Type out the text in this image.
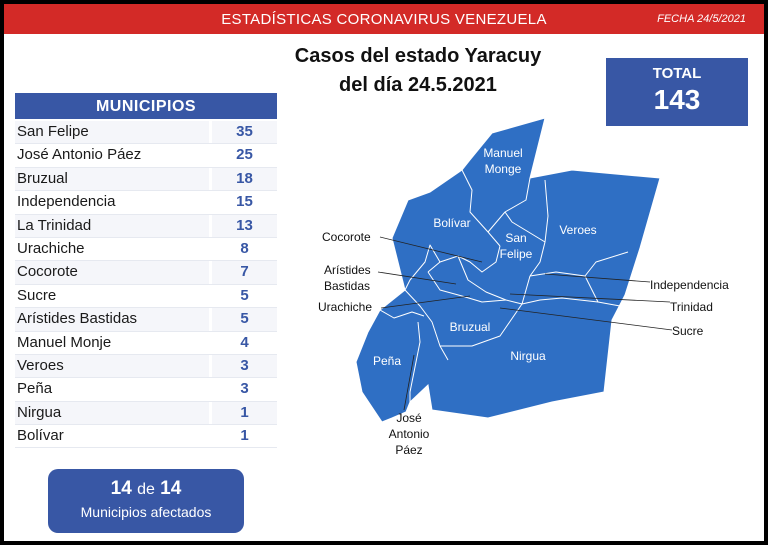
ESTADÍSTICAS CORONAVIRUS VENEZUELA	FECHA 24/5/2021
Casos del estado Yaracuy
del día 24.5.2021
TOTAL
143
MUNICIPIOS
San Felipe	35
José Antonio Páez	25
Bruzual	18
Independencia	15
La Trinidad	13
Urachiche	8
Cocorote	7
Sucre	5
Arístides Bastidas	5
Manuel Monje	4
Veroes	3
Peña	3
Nirgua	1
Bolívar	1
14 de 14
Municipios afectados
Manuel
Monge
Bolívar
San
Felipe
Veroes
Bruzual
Peña	Nirgua
Cocorote
Arístides
Bastidas
Urachiche
Independencia
Trinidad
Sucre
José
Antonio
Páez
